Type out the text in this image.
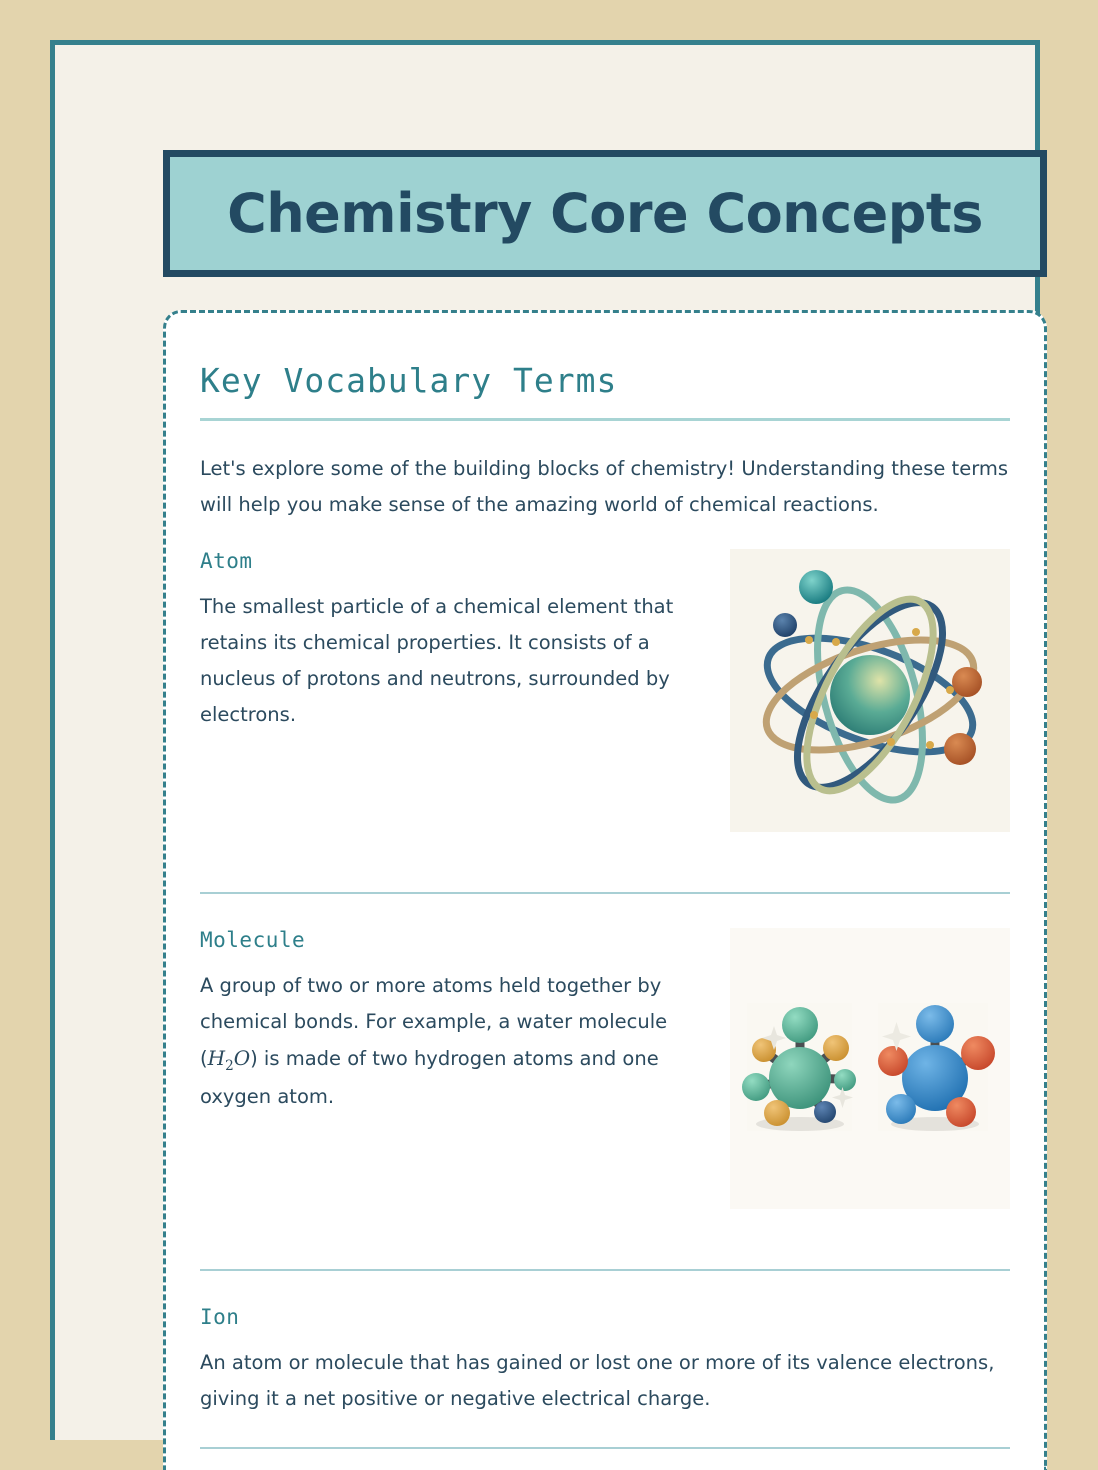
Chemistry Core Concepts
Key Vocabulary Terms

Let's explore some of the building blocks of chemistry! Understanding these terms will help you make sense of the amazing world of chemical reactions.

Atom

The smallest particle of a chemical element that retains its chemical properties. It consists of a nucleus of protons and neutrons, surrounded by electrons.

Molecule

A group of two or more atoms held together by chemical bonds. For example, a water molecule $(H_2O)$ is made of two hydrogen atoms and one oxygen atom.

Ion

An atom or molecule that has gained or lost one or more of its valence electrons, giving it a net positive or negative electrical charge.
